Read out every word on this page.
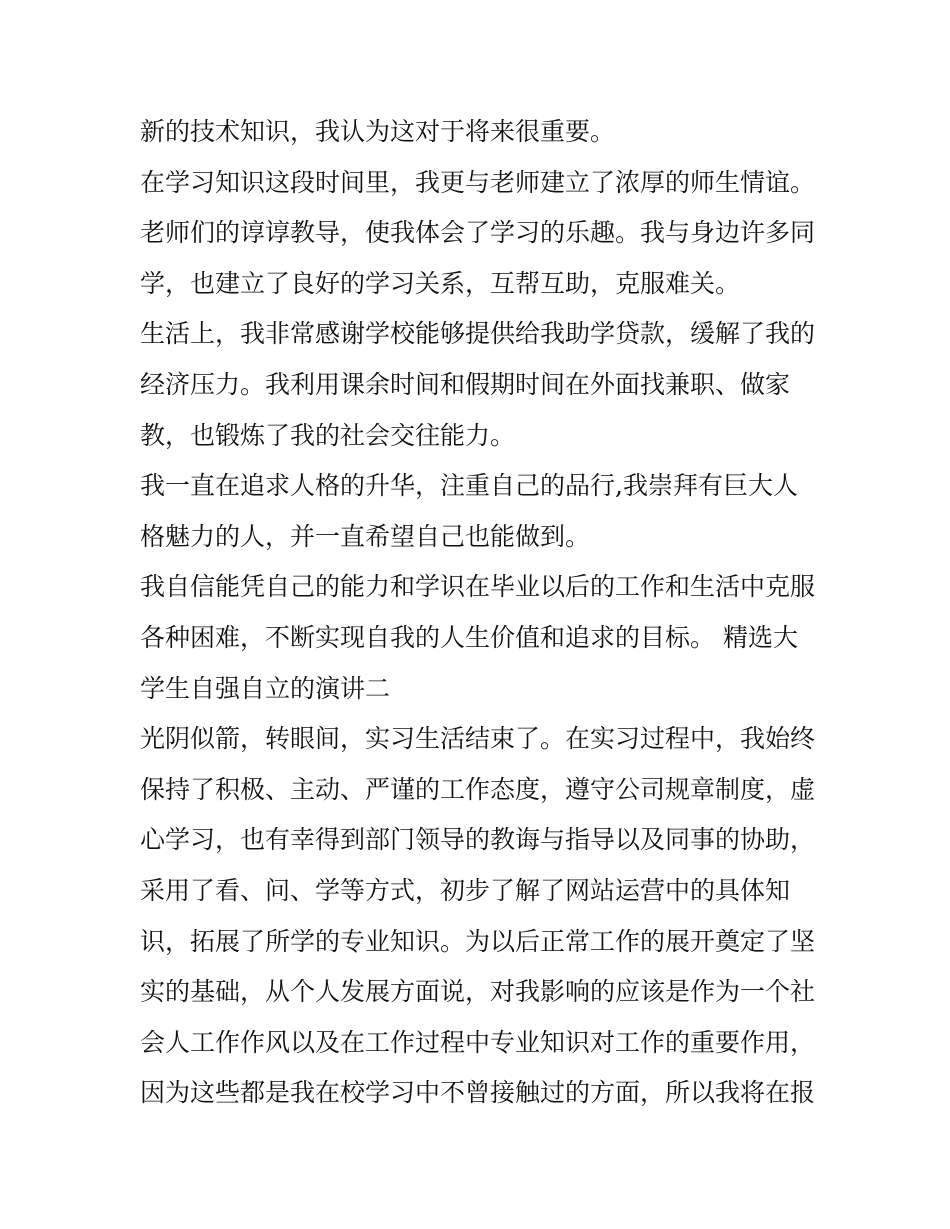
新的技术知识，我认为这对于将来很重要。
在学习知识这段时间里，我更与老师建立了浓厚的师生情谊。
老师们的谆谆教导，使我体会了学习的乐趣。我与身边许多同
学，也建立了良好的学习关系，互帮互助，克服难关。
生活上，我非常感谢学校能够提供给我助学贷款，缓解了我的
经济压力。我利用课余时间和假期时间在外面找兼职、做家
教，也锻炼了我的社会交往能力。
我一直在追求人格的升华，注重自己的品行,我崇拜有巨大人
格魅力的人，并一直希望自己也能做到。
我自信能凭自己的能力和学识在毕业以后的工作和生活中克服
各种困难，不断实现自我的人生价值和追求的目标。 精选大
学生自强自立的演讲二
光阴似箭，转眼间，实习生活结束了。在实习过程中，我始终
保持了积极、主动、严谨的工作态度，遵守公司规章制度，虚
心学习，也有幸得到部门领导的教诲与指导以及同事的协助，
采用了看、问、学等方式，初步了解了网站运营中的具体知
识，拓展了所学的专业知识。为以后正常工作的展开奠定了坚
实的基础，从个人发展方面说，对我影响的应该是作为一个社
会人工作作风以及在工作过程中专业知识对工作的重要作用，
因为这些都是我在校学习中不曾接触过的方面，所以我将在报
